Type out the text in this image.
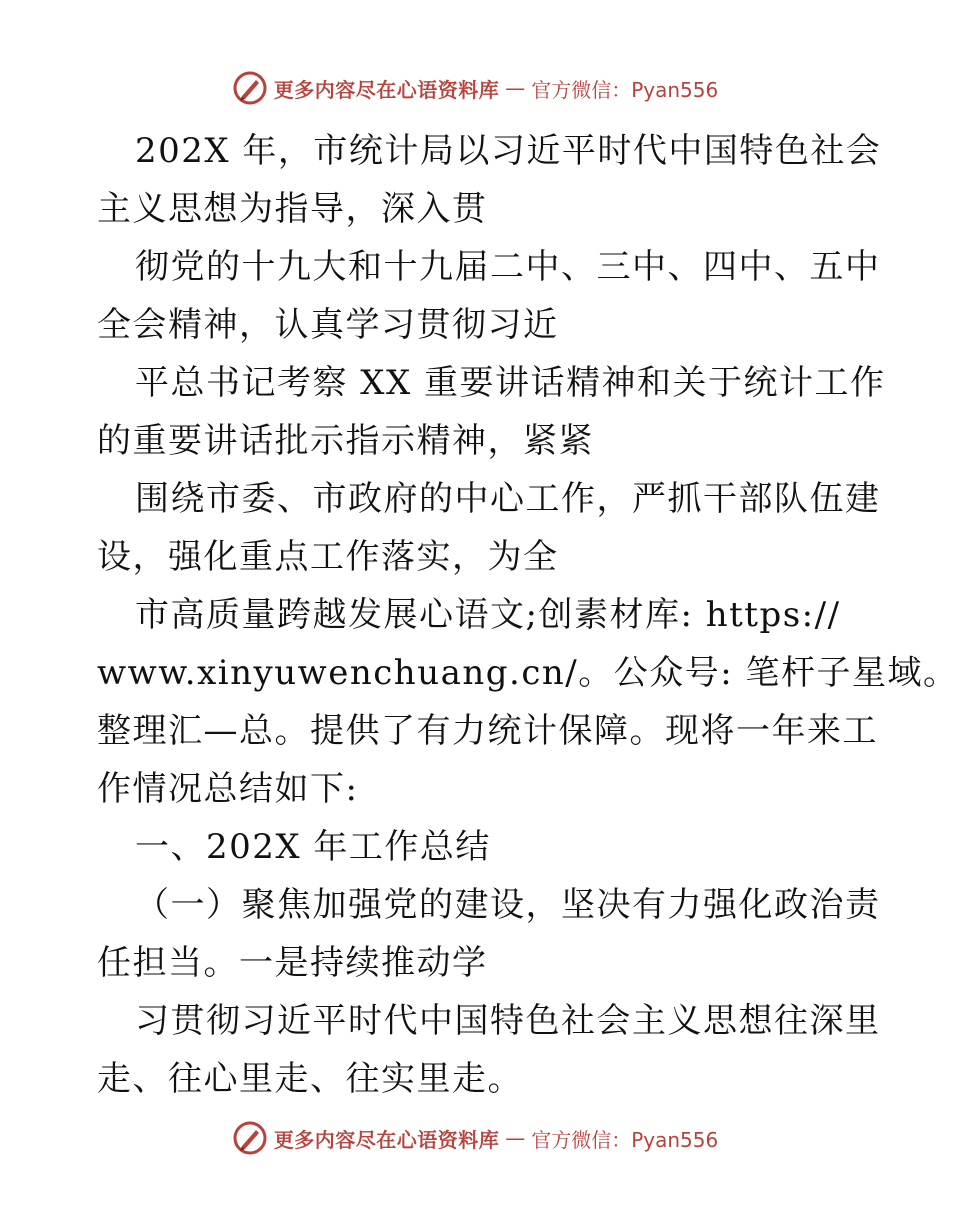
更多内容尽在心语资料库 — 官方微信：Pyan556
202X 年，市统计局以习近平时代中国特色社会
主义思想为指导，深入贯
彻党的十九大和十九届二中、三中、四中、五中
全会精神，认真学习贯彻习近
平总书记考察 XX 重要讲话精神和关于统计工作
的重要讲话批示指示精神，紧紧
围绕市委、市政府的中心工作，严抓干部队伍建
设，强化重点工作落实，为全
市高质量跨越发展心语文;创素材库: https://
www.xinyuwenchuang.cn/。公众号: 笔杆子星域。
整理汇—总。提供了有力统计保障。现将一年来工
作情况总结如下:
一、202X 年工作总结
（一）聚焦加强党的建设，坚决有力强化政治责
任担当。一是持续推动学
习贯彻习近平时代中国特色社会主义思想往深里
走、往心里走、往实里走。
更多内容尽在心语资料库 — 官方微信：Pyan556
